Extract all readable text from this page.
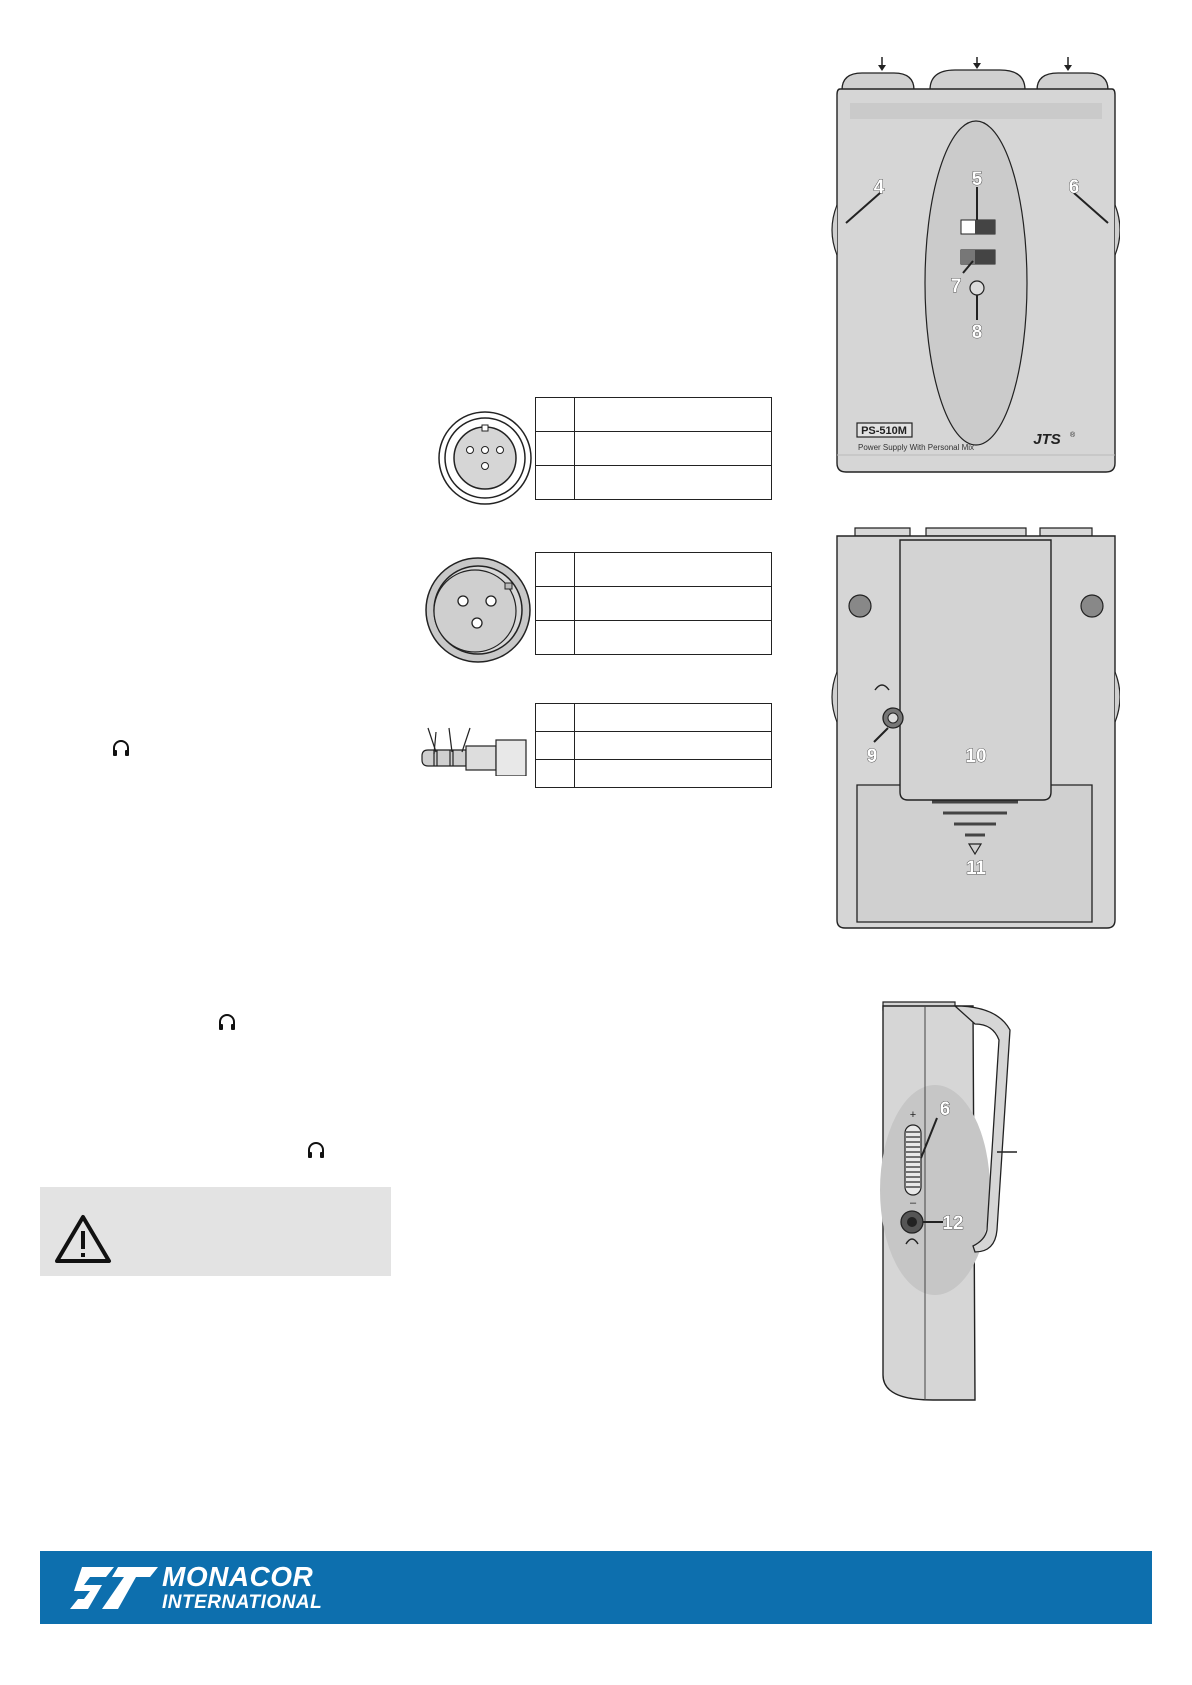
4	5	6
7
8
PS-510M
Power Supply With Personal Mix	JTS ®
9	10
11
+
–
6
12
MONACOR
INTERNATIONAL
